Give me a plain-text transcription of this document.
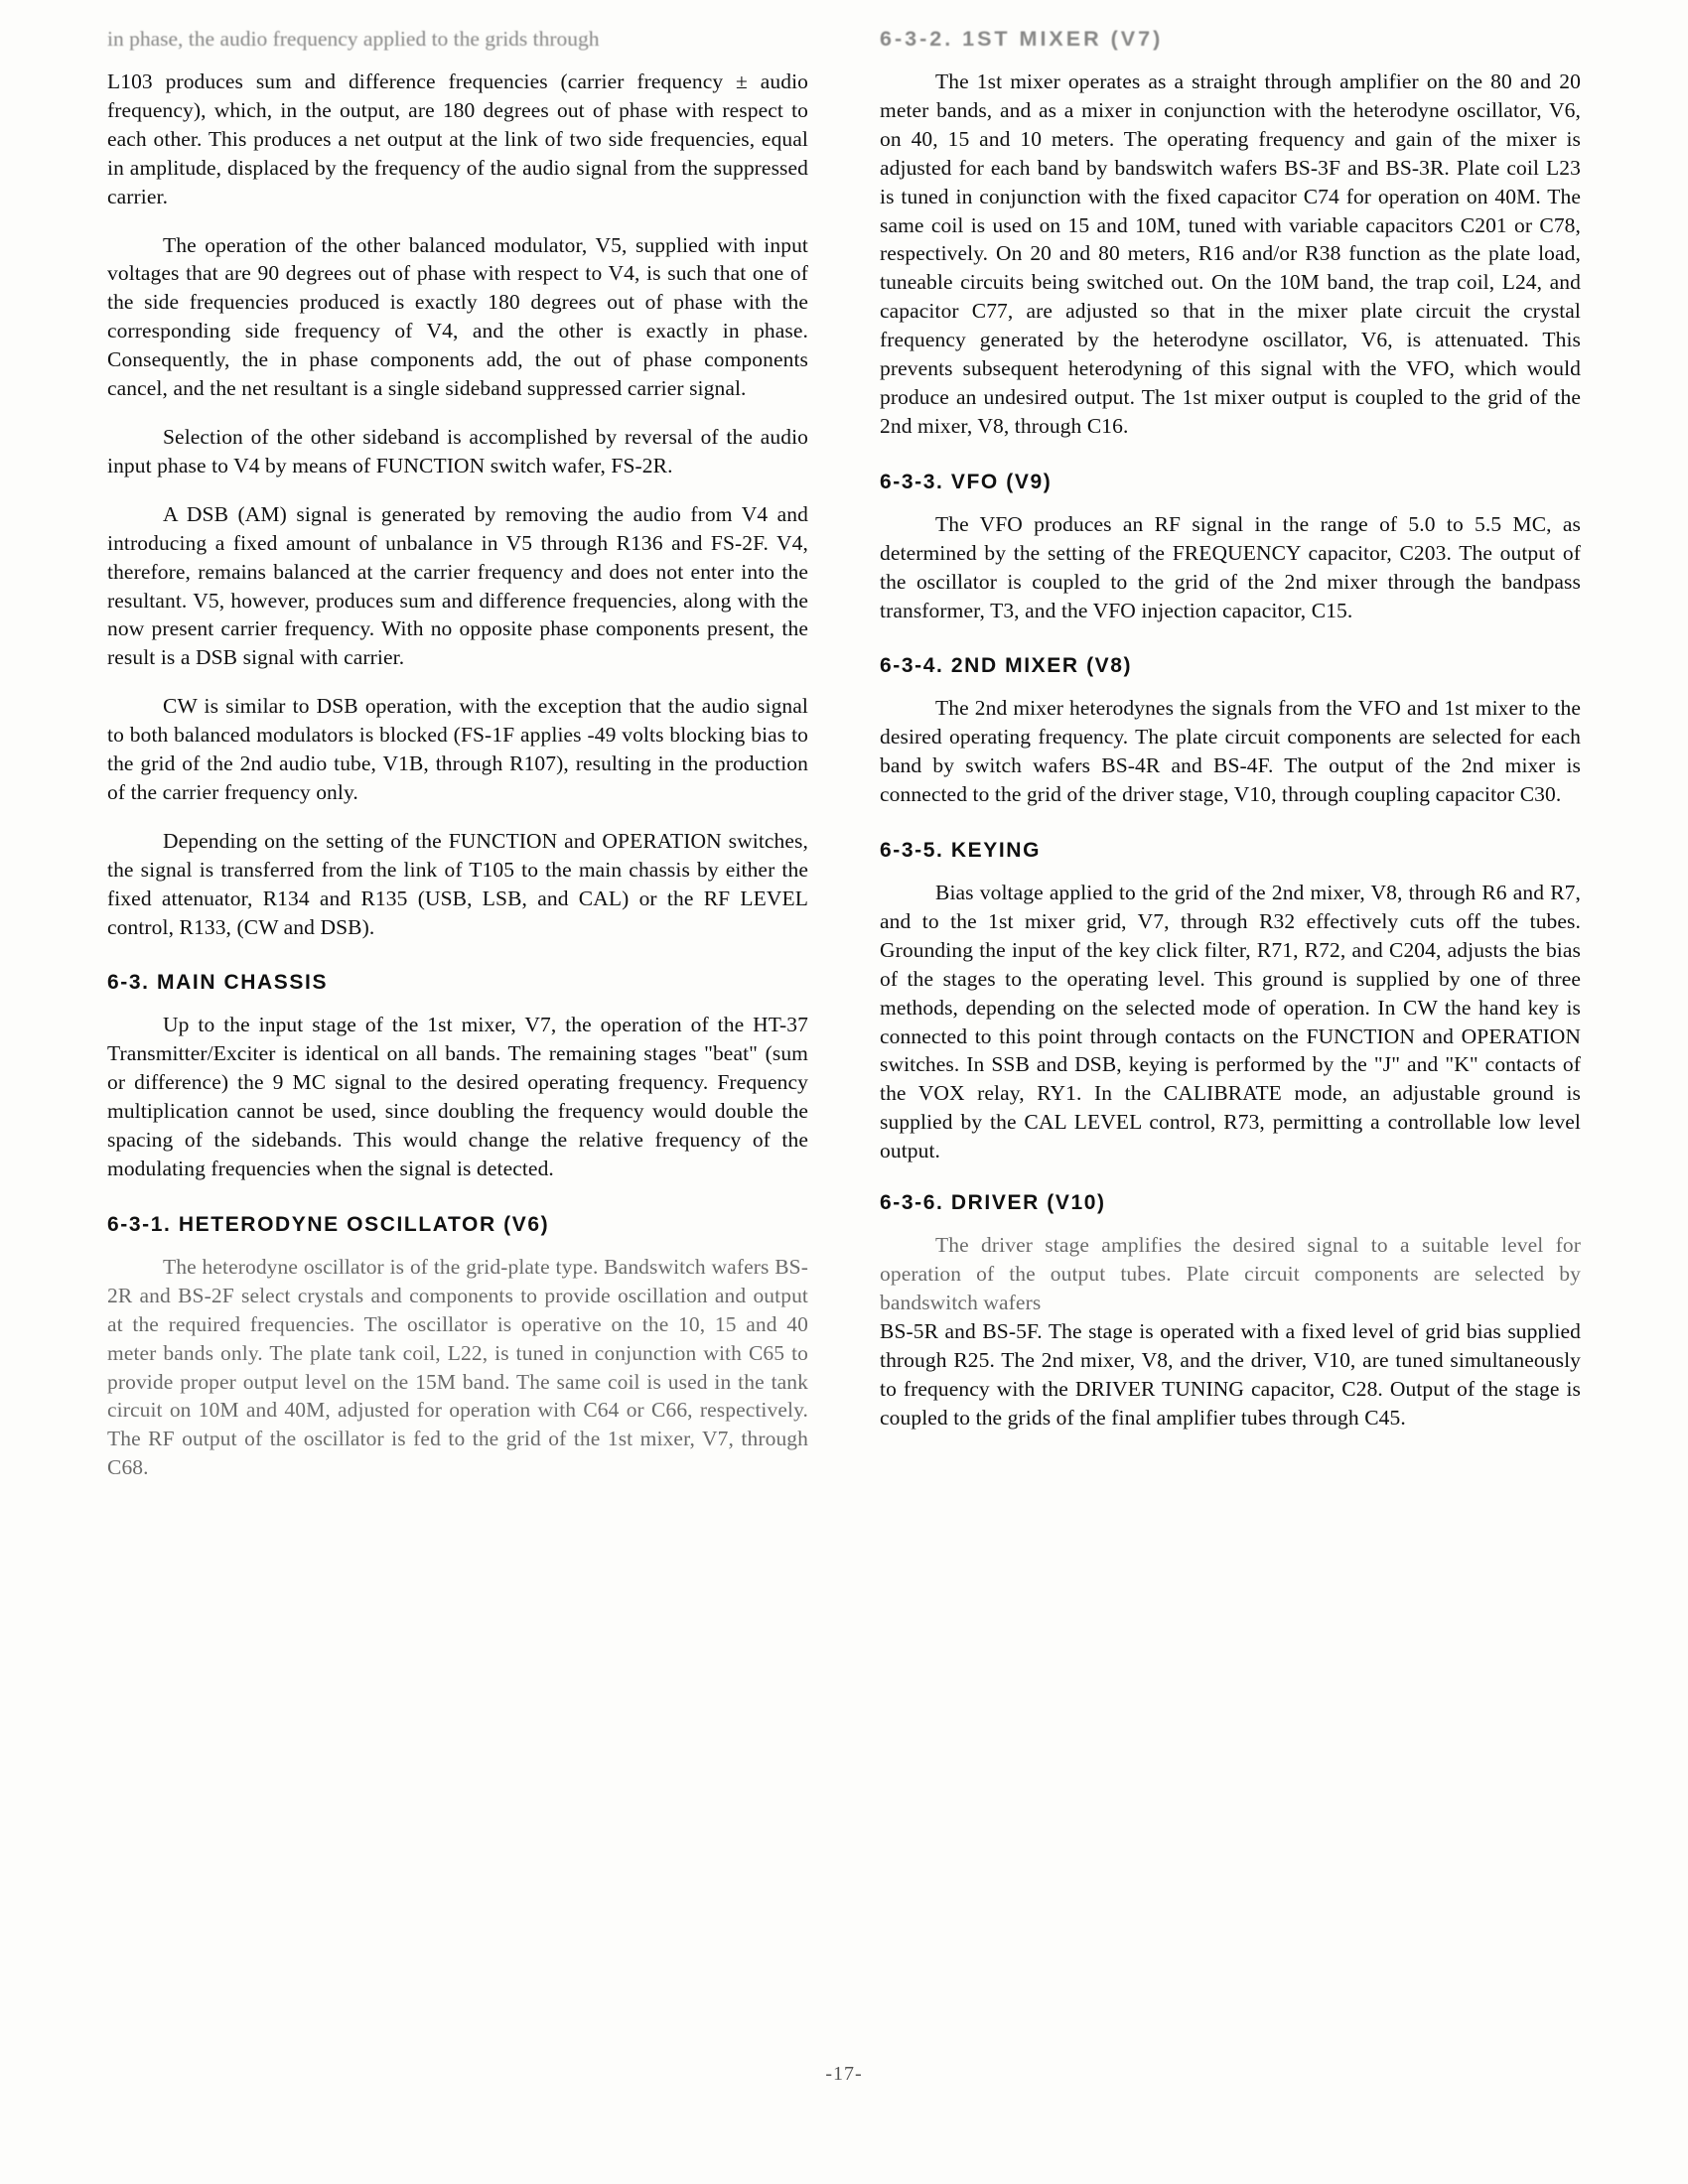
in phase, the audio frequency applied to the grids through

L103 produces sum and difference frequencies (carrier frequency ± audio frequency), which, in the output, are 180 degrees out of phase with respect to each other. This produces a net output at the link of two side frequencies, equal in amplitude, displaced by the frequency of the audio signal from the suppressed carrier.

The operation of the other balanced modulator, V5, supplied with input voltages that are 90 degrees out of phase with respect to V4, is such that one of the side frequencies produced is exactly 180 degrees out of phase with the corresponding side frequency of V4, and the other is exactly in phase. Consequently, the in phase components add, the out of phase components cancel, and the net resultant is a single sideband suppressed carrier signal.

Selection of the other sideband is accomplished by reversal of the audio input phase to V4 by means of FUNCTION switch wafer, FS-2R.

A DSB (AM) signal is generated by removing the audio from V4 and introducing a fixed amount of unbalance in V5 through R136 and FS-2F. V4, therefore, remains balanced at the carrier frequency and does not enter into the resultant. V5, however, produces sum and difference frequencies, along with the now present carrier frequency. With no opposite phase components present, the result is a DSB signal with carrier.

CW is similar to DSB operation, with the exception that the audio signal to both balanced modulators is blocked (FS-1F applies -49 volts blocking bias to the grid of the 2nd audio tube, V1B, through R107), resulting in the production of the carrier frequency only.

Depending on the setting of the FUNCTION and OPERATION switches, the signal is transferred from the link of T105 to the main chassis by either the fixed attenuator, R134 and R135 (USB, LSB, and CAL) or the RF LEVEL control, R133, (CW and DSB).

6-3. MAIN CHASSIS

Up to the input stage of the 1st mixer, V7, the operation of the HT-37 Transmitter/Exciter is identical on all bands. The remaining stages "beat" (sum or difference) the 9 MC signal to the desired operating frequency. Frequency multiplication cannot be used, since doubling the frequency would double the spacing of the sidebands. This would change the relative frequency of the modulating frequencies when the signal is detected.

6-3-1. HETERODYNE OSCILLATOR (V6)

The heterodyne oscillator is of the grid-plate type. Bandswitch wafers BS-2R and BS-2F select crystals and components to provide oscillation and output at the required frequencies. The oscillator is operative on the 10, 15 and 40 meter bands only. The plate tank coil, L22, is tuned in conjunction with C65 to provide proper output level on the 15M band. The same coil is used in the tank circuit on 10M and 40M, adjusted for operation with C64 or C66, respectively. The RF output of the oscillator is fed to the grid of the 1st mixer, V7, through C68.

6-3-2. 1ST MIXER (V7)

The 1st mixer operates as a straight through amplifier on the 80 and 20 meter bands, and as a mixer in conjunction with the heterodyne oscillator, V6, on 40, 15 and 10 meters. The operating frequency and gain of the mixer is adjusted for each band by bandswitch wafers BS-3F and BS-3R. Plate coil L23 is tuned in conjunction with the fixed capacitor C74 for operation on 40M. The same coil is used on 15 and 10M, tuned with variable capacitors C201 or C78, respectively. On 20 and 80 meters, R16 and/or R38 function as the plate load, tuneable circuits being switched out. On the 10M band, the trap coil, L24, and capacitor C77, are adjusted so that in the mixer plate circuit the crystal frequency generated by the heterodyne oscillator, V6, is attenuated. This prevents subsequent heterodyning of this signal with the VFO, which would produce an undesired output. The 1st mixer output is coupled to the grid of the 2nd mixer, V8, through C16.

6-3-3. VFO (V9)

The VFO produces an RF signal in the range of 5.0 to 5.5 MC, as determined by the setting of the FREQUENCY capacitor, C203. The output of the oscillator is coupled to the grid of the 2nd mixer through the bandpass transformer, T3, and the VFO injection capacitor, C15.

6-3-4. 2ND MIXER (V8)

The 2nd mixer heterodynes the signals from the VFO and 1st mixer to the desired operating frequency. The plate circuit components are selected for each band by switch wafers BS-4R and BS-4F. The output of the 2nd mixer is connected to the grid of the driver stage, V10, through coupling capacitor C30.

6-3-5. KEYING

Bias voltage applied to the grid of the 2nd mixer, V8, through R6 and R7, and to the 1st mixer grid, V7, through R32 effectively cuts off the tubes. Grounding the input of the key click filter, R71, R72, and C204, adjusts the bias of the stages to the operating level. This ground is supplied by one of three methods, depending on the selected mode of operation. In CW the hand key is connected to this point through contacts on the FUNCTION and OPERATION switches. In SSB and DSB, keying is performed by the "J" and "K" contacts of the VOX relay, RY1. In the CALIBRATE mode, an adjustable ground is supplied by the CAL LEVEL control, R73, permitting a controllable low level output.

6-3-6. DRIVER (V10)

The driver stage amplifies the desired signal to a suitable level for operation of the output tubes. Plate circuit components are selected by bandswitch wafers

BS-5R and BS-5F. The stage is operated with a fixed level of grid bias supplied through R25. The 2nd mixer, V8, and the driver, V10, are tuned simultaneously to frequency with the DRIVER TUNING capacitor, C28. Output of the stage is coupled to the grids of the final amplifier tubes through C45.

-17-
